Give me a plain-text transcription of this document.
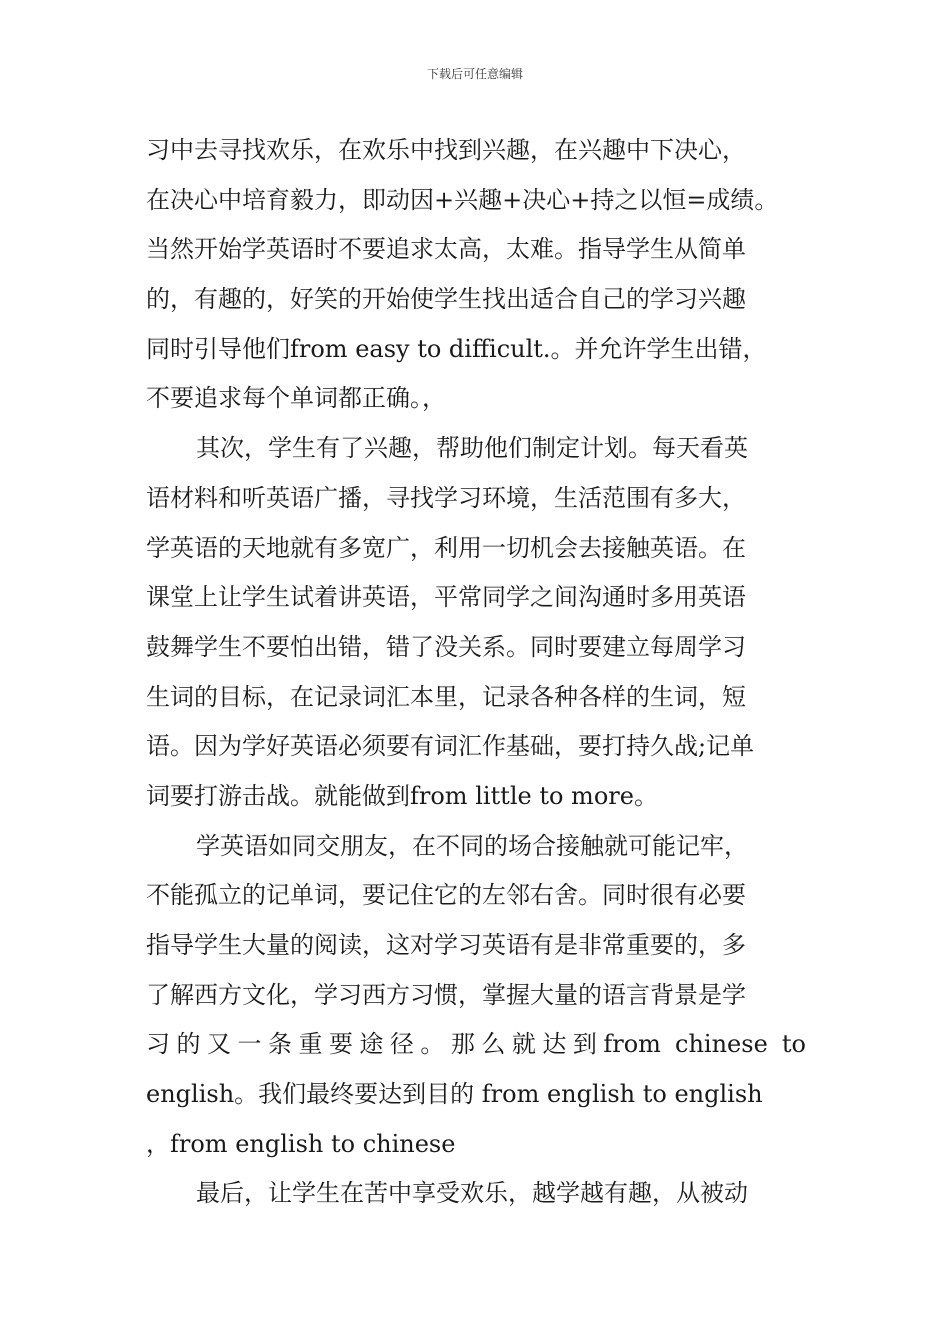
下载后可任意编辑
习中去寻找欢乐，在欢乐中找到兴趣，在兴趣中下决心，
在决心中培育毅力，即动因+兴趣+决心+持之以恒=成绩。
当然开始学英语时不要追求太高，太难。指导学生从简单
的，有趣的，好笑的开始使学生找出适合自己的学习兴趣
同时引导他们from easy to difficult.。并允许学生出错，
不要追求每个单词都正确。，
其次，学生有了兴趣，帮助他们制定计划。每天看英
语材料和听英语广播，寻找学习环境，生活范围有多大，
学英语的天地就有多宽广，利用一切机会去接触英语。在
课堂上让学生试着讲英语，平常同学之间沟通时多用英语
鼓舞学生不要怕出错，错了没关系。同时要建立每周学习
生词的目标，在记录词汇本里，记录各种各样的生词，短
语。因为学好英语必须要有词汇作基础，要打持久战;记单
词要打游击战。就能做到from little to more。
学英语如同交朋友，在不同的场合接触就可能记牢，
不能孤立的记单词，要记住它的左邻右舍。同时很有必要
指导学生大量的阅读，这对学习英语有是非常重要的，多
了解西方文化，学习西方习惯，掌握大量的语言背景是学
习的又一条重要途径。那么就达到from chinese to
english。我们最终要达到目的 from english to english
，from english to chinese
最后，让学生在苦中享受欢乐，越学越有趣，从被动
